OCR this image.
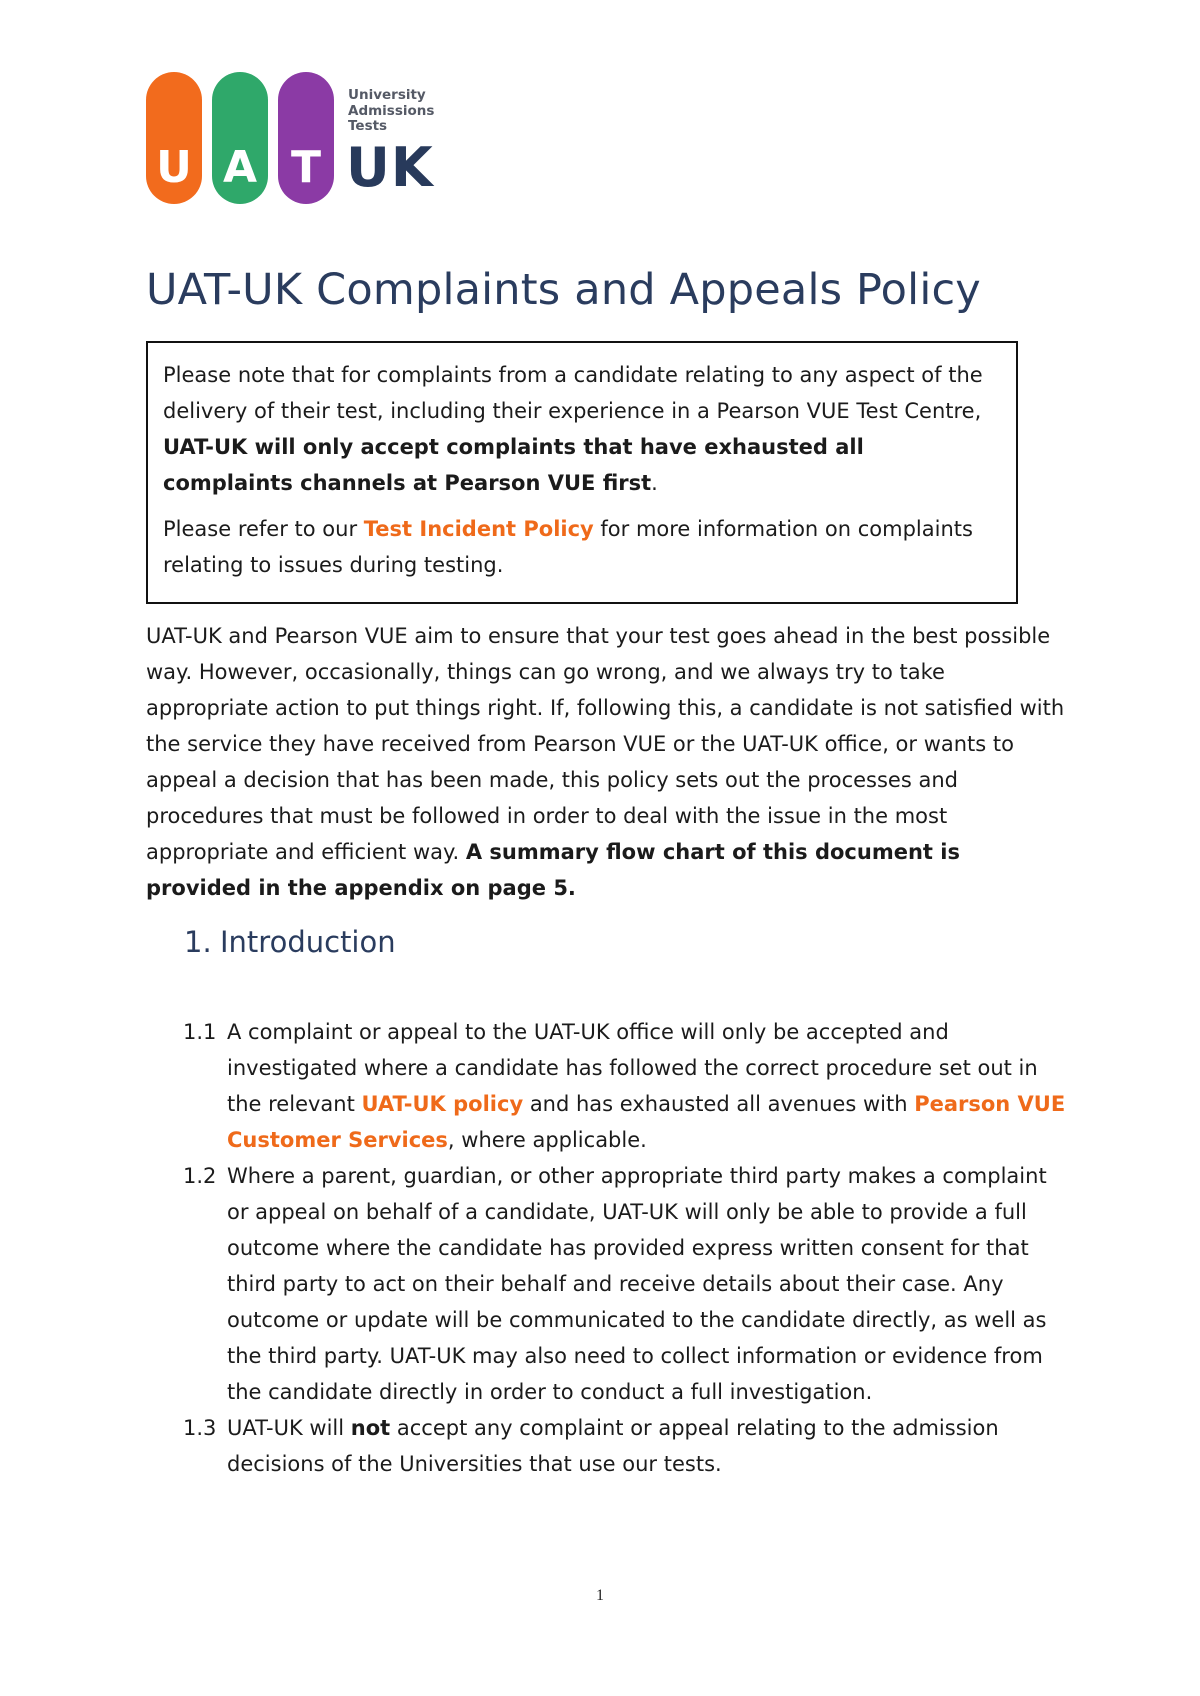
U A T
University
Admissions
Tests
UK
UAT-UK Complaints and Appeals Policy

Please note that for complaints from a candidate relating to any aspect of the delivery of their test, including their experience in a Pearson VUE Test Centre, UAT-UK will only accept complaints that have exhausted all complaints channels at Pearson VUE first.

Please refer to our Test Incident Policy for more information on complaints relating to issues during testing.

UAT-UK and Pearson VUE aim to ensure that your test goes ahead in the best possible way. However, occasionally, things can go wrong, and we always try to take appropriate action to put things right. If, following this, a candidate is not satisfied with the service they have received from Pearson VUE or the UAT-UK office, or wants to appeal a decision that has been made, this policy sets out the processes and procedures that must be followed in order to deal with the issue in the most appropriate and efficient way. A summary flow chart of this document is provided in the appendix on page 5.

1. Introduction
1.1 A complaint or appeal to the UAT-UK office will only be accepted and investigated where a candidate has followed the correct procedure set out in the relevant UAT-UK policy and has exhausted all avenues with Pearson VUE Customer Services, where applicable.
1.2 Where a parent, guardian, or other appropriate third party makes a complaint or appeal on behalf of a candidate, UAT-UK will only be able to provide a full outcome where the candidate has provided express written consent for that third party to act on their behalf and receive details about their case. Any outcome or update will be communicated to the candidate directly, as well as the third party. UAT-UK may also need to collect information or evidence from the candidate directly in order to conduct a full investigation.
1.3 UAT-UK will not accept any complaint or appeal relating to the admission decisions of the Universities that use our tests.
1
